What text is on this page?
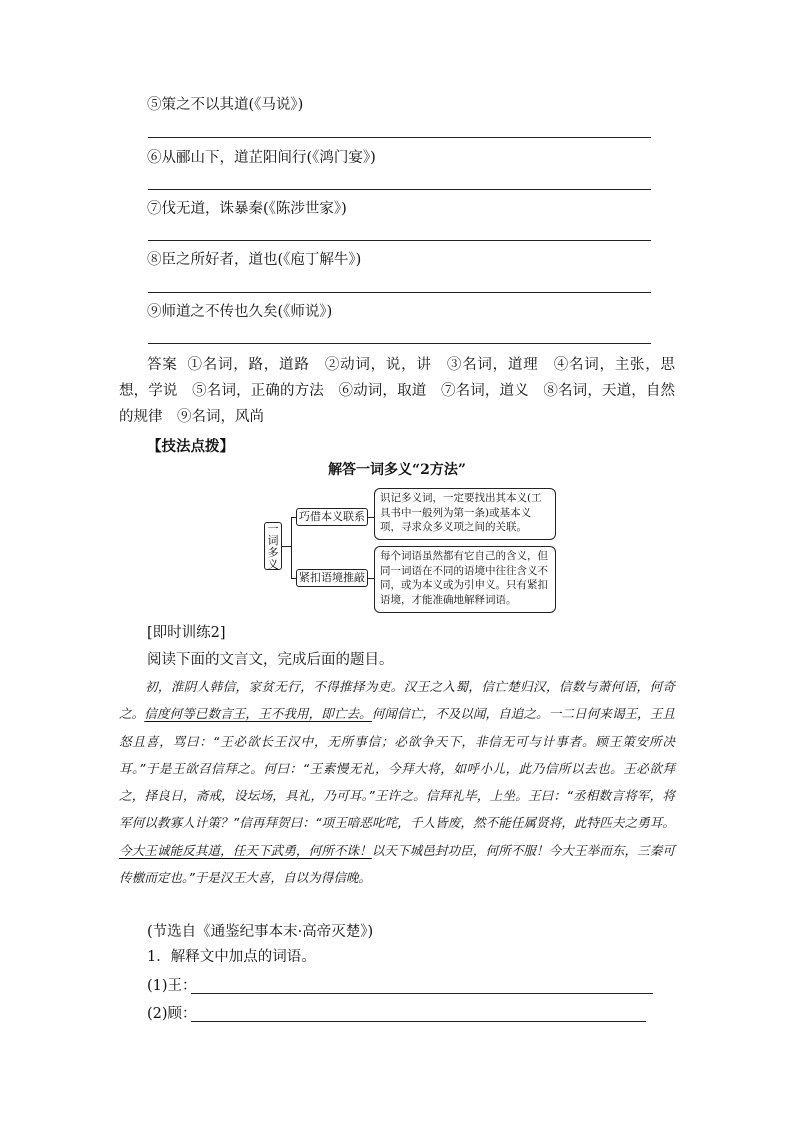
⑤策之不以其道(《马说》)
⑥从郦山下，道芷阳间行(《鸿门宴》)
⑦伐无道，诛暴秦(《陈涉世家》)
⑧臣之所好者，道也(《庖丁解牛》)
⑨师道之不传也久矣(《师说》)
答案 ①名词，路，道路　②动词，说，讲　③名词，道理　④名词，主张，思想，学说　⑤名词，正确的方法　⑥动词，取道　⑦名词，道义　⑧名词，天道，自然的规律　⑨名词，风尚
【技法点拨】
解答一词多义“2方法”
一
词
多
义
巧借本义联系
紧扣语境推敲
识记多义词，一定要找出其本义(工具书中一般列为第一条)或基本义项，寻求众多义项之间的关联。
每个词语虽然都有它自己的含义，但同一词语在不同的语境中往往含义不同，或为本义或为引申义。只有紧扣语境，才能准确地解释词语。
[即时训练2]
阅读下面的文言文，完成后面的题目。
初，淮阴人韩信，家贫无行，不得推择为吏。汉王之入蜀，信亡楚归汉，信数与萧何语，何奇之。信度何等已数言王，王不我用，即亡去。何闻信亡，不及以闻，自追之。一二日何来谒王，王且怒且喜，骂曰：“王必欲长王汉中，无所事信；必欲争天下，非信无可与计事者。顾王策安所决耳。”于是王欲召信拜之。何曰：“王素慢无礼，今拜大将，如呼小儿，此乃信所以去也。王必欲拜之，择良日，斋戒，设坛场，具礼，乃可耳。”王许之。信拜礼毕，上坐。王曰：“丞相数言将军，将军何以教寡人计策？”信再拜贺曰：“项王喑恶叱咤，千人皆废，然不能任属贤将，此特匹夫之勇耳。今大王诚能反其道，任天下武勇，何所不诛！以天下城邑封功臣，何所不服！今大王举而东，三秦可传檄而定也。”于是汉王大喜，自以为得信晚。
(节选自《通鉴纪事本末·高帝灭楚》)
1．解释文中加点的词语。
(1)王：
(2)顾：
